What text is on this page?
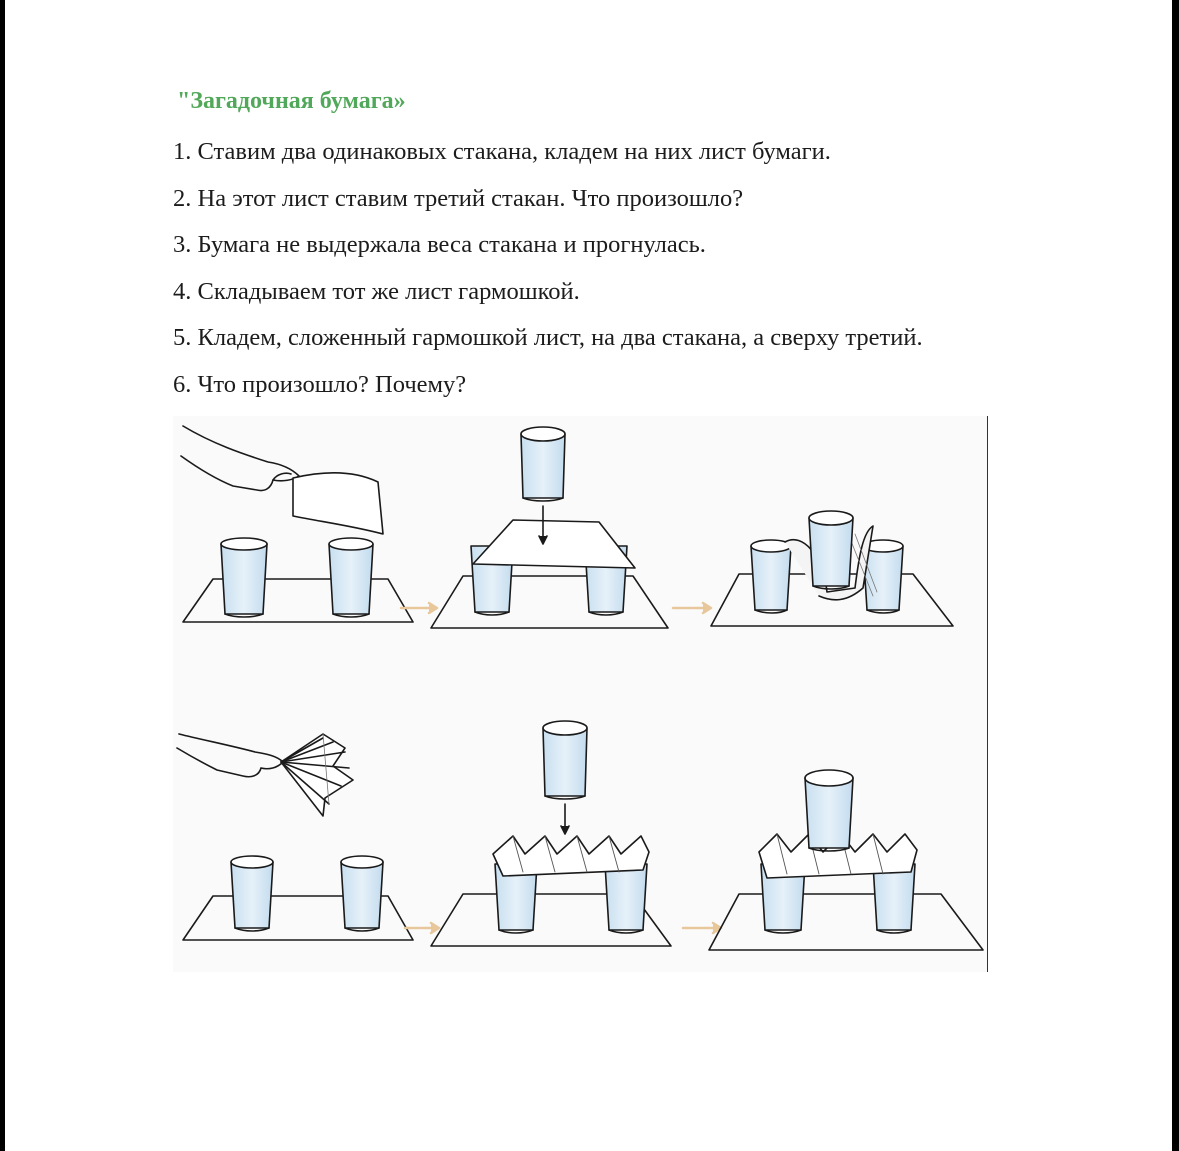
"Загадочная бумага»
1. Ставим два одинаковых стакана, кладем на них лист бумаги.
2. На этот лист ставим третий стакан. Что произошло?
3. Бумага не выдержала веса стакана и прогнулась.
4. Складываем тот же лист гармошкой.
5. Кладем, сложенный гармошкой лист, на два стакана, а сверху третий.
6. Что произошло? Почему?
